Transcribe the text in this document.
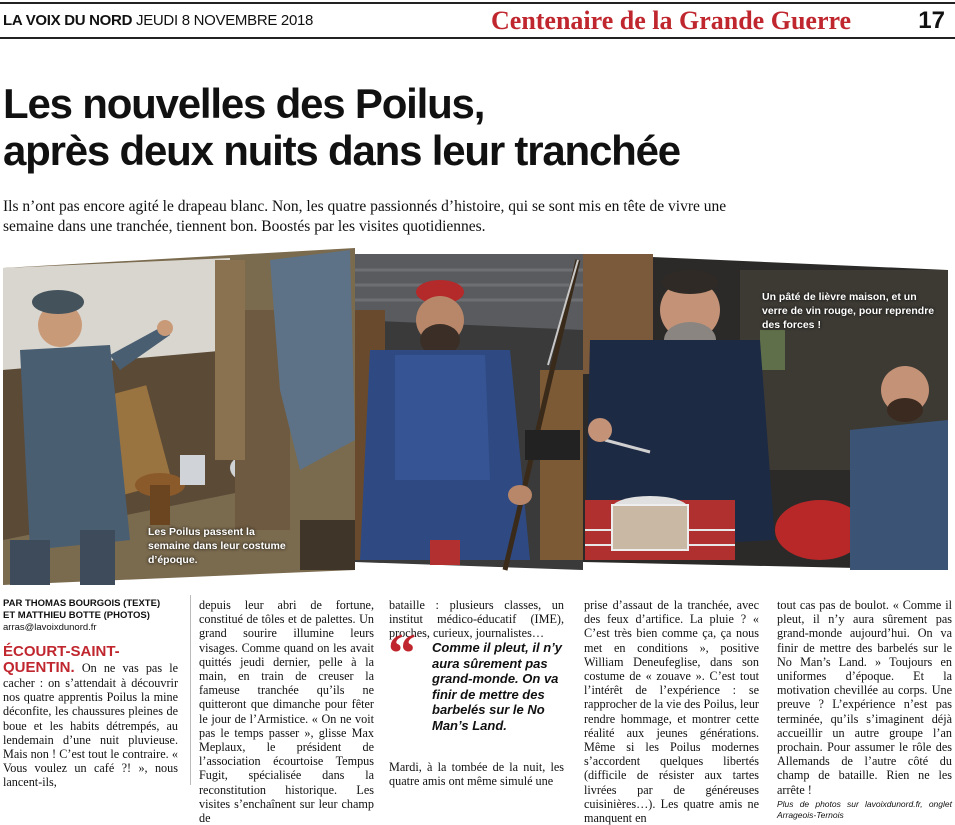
LA VOIX DU NORD JEUDI 8 NOVEMBRE 2018	Centenaire de la Grande Guerre	17
Les nouvelles des Poilus,
après deux nuits dans leur tranchée
Ils n’ont pas encore agité le drapeau blanc. Non, les quatre passionnés d’histoire, qui se sont mis en tête de vivre une semaine dans une tranchée, tiennent bon. Boostés par les visites quotidiennes.
Les Poilus passent la semaine dans leur costume d’époque.
Un pâté de lièvre maison, et un verre de vin rouge, pour reprendre des forces !
PAR THOMAS BOURGOIS (TEXTE)
ET MATTHIEU BOTTE (PHOTOS)
arras@lavoixdunord.fr
ÉCOURT-SAINT-QUENTIN. On ne vas pas le cacher : on s’attendait à découvrir nos quatre apprentis Poilus la mine déconfite, les chaussures pleines de boue et les habits détrempés, au lendemain d’une nuit pluvieuse. Mais non ! C’est tout le contraire. « Vous voulez un café ?! », nous lancent-ils,
depuis leur abri de fortune, constitué de tôles et de palettes. Un grand sourire illumine leurs visages. Comme quand on les avait quittés jeudi dernier, pelle à la main, en train de creuser la fameuse tranchée qu’ils ne quitteront que dimanche pour fêter le jour de l’Armistice. « On ne voit pas le temps passer », glisse Max Meplaux, le président de l’association écourtoise Tempus Fugit, spécialisée dans la reconstitution historique. Les visites s’enchaînent sur leur champ de
bataille : plusieurs classes, un institut médico-éducatif (IME), proches, curieux, journalistes…
“	Comme il pleut, il n’y aura sûrement pas grand-monde. On va finir de mettre des barbelés sur le No Man’s Land.
Mardi, à la tombée de la nuit, les quatre amis ont même simulé une
prise d’assaut de la tranchée, avec des feux d’artifice. La pluie ? « C’est très bien comme ça, ça nous met en conditions », positive William Deneufeglise, dans son costume de « zouave ». C’est tout l’intérêt de l’expérience : se rapprocher de la vie des Poilus, leur rendre hommage, et montrer cette réalité aux jeunes générations. Même si les Poilus modernes s’accordent quelques libertés (difficile de résister aux tartes livrées par de généreuses cuisinières…). Les quatre amis ne manquent en
tout cas pas de boulot. « Comme il pleut, il n’y aura sûrement pas grand-monde aujourd’hui. On va finir de mettre des barbelés sur le No Man’s Land. » Toujours en uniformes d’époque. Et la motivation chevillée au corps. Une preuve ? L’expérience n’est pas terminée, qu’ils s’imaginent déjà accueillir un autre groupe l’an prochain. Pour assumer le rôle des Allemands de l’autre côté du champ de bataille. Rien ne les arrête !
Plus de photos sur lavoixdunord.fr, onglet Arrageois-Ternois
